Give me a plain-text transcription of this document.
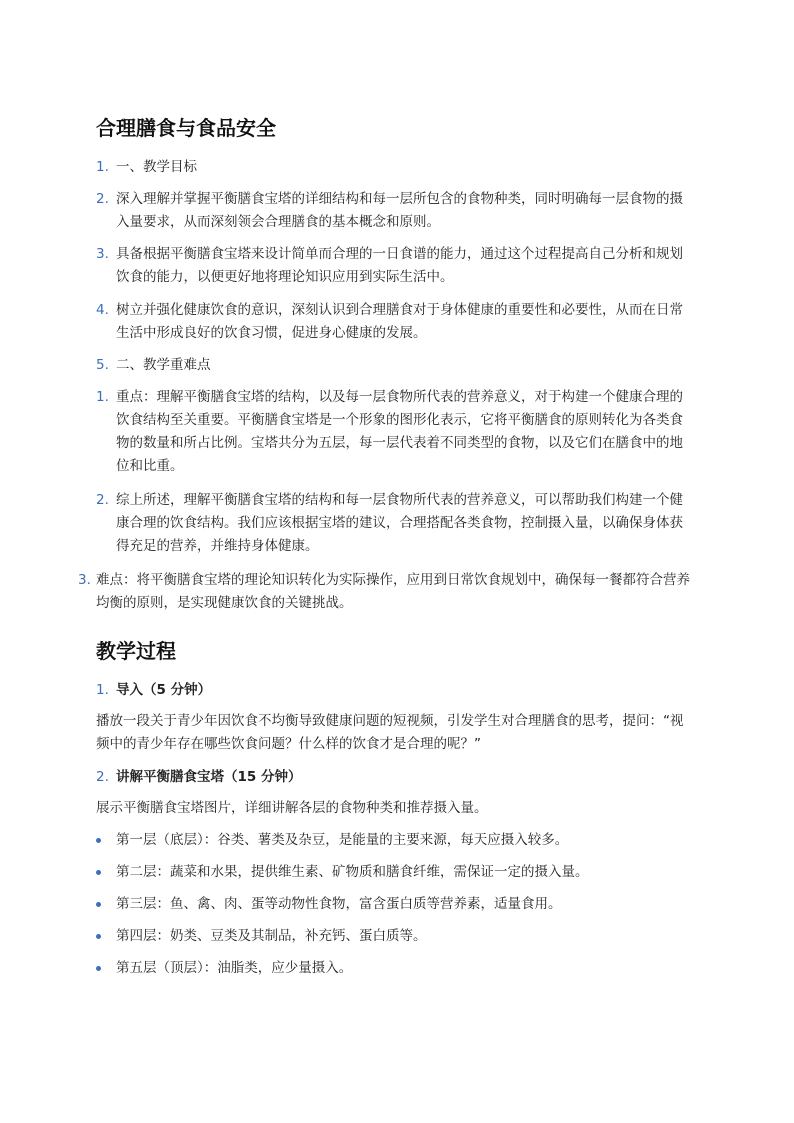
合理膳食与食品安全
1. 一、教学目标
2. 深入理解并掌握平衡膳食宝塔的详细结构和每一层所包含的食物种类，同时明确每一层食物的摄入量要求，从而深刻领会合理膳食的基本概念和原则。
3. 具备根据平衡膳食宝塔来设计简单而合理的一日食谱的能力，通过这个过程提高自己分析和规划饮食的能力，以便更好地将理论知识应用到实际生活中。
4. 树立并强化健康饮食的意识，深刻认识到合理膳食对于身体健康的重要性和必要性，从而在日常生活中形成良好的饮食习惯，促进身心健康的发展。
5. 二、教学重难点
1. 重点：理解平衡膳食宝塔的结构，以及每一层食物所代表的营养意义，对于构建一个健康合理的饮食结构至关重要。平衡膳食宝塔是一个形象的图形化表示，它将平衡膳食的原则转化为各类食物的数量和所占比例。宝塔共分为五层，每一层代表着不同类型的食物，以及它们在膳食中的地位和比重。
2. 综上所述，理解平衡膳食宝塔的结构和每一层食物所代表的营养意义，可以帮助我们构建一个健康合理的饮食结构。我们应该根据宝塔的建议，合理搭配各类食物，控制摄入量，以确保身体获得充足的营养，并维持身体健康。
3. 难点：将平衡膳食宝塔的理论知识转化为实际操作，应用到日常饮食规划中，确保每一餐都符合营养均衡的原则，是实现健康饮食的关键挑战。
教学过程
1. 导入（5 分钟）
播放一段关于青少年因饮食不均衡导致健康问题的短视频，引发学生对合理膳食的思考，提问：“视频中的青少年存在哪些饮食问题？什么样的饮食才是合理的呢？”
2. 讲解平衡膳食宝塔（15 分钟）
展示平衡膳食宝塔图片，详细讲解各层的食物种类和推荐摄入量。
第一层（底层）：谷类、薯类及杂豆，是能量的主要来源，每天应摄入较多。
第二层：蔬菜和水果，提供维生素、矿物质和膳食纤维，需保证一定的摄入量。
第三层：鱼、禽、肉、蛋等动物性食物，富含蛋白质等营养素，适量食用。
第四层：奶类、豆类及其制品，补充钙、蛋白质等。
第五层（顶层）：油脂类，应少量摄入。
